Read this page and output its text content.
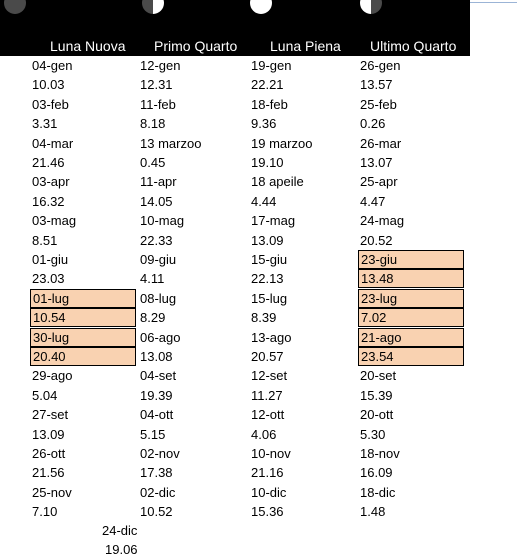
Luna Nuova Primo Quarto Luna Piena Ultimo Quarto
04-gen
10.03
03-feb
3.31
04-mar
21.46
03-apr
16.32
03-mag
8.51
01-giu
23.03
01-lug
10.54
30-lug
20.40
29-ago
5.04
27-set
13.09
26-ott
21.56
25-nov
7.10
12-gen
12.31
11-feb
8.18
13 marzoo
0.45
11-apr
14.05
10-mag
22.33
09-giu
4.11
08-lug
8.29
06-ago
13.08
04-set
19.39
04-ott
5.15
02-nov
17.38
02-dic
10.52
19-gen
22.21
18-feb
9.36
19 marzoo
19.10
18 apeile
4.44
17-mag
13.09
15-giu
22.13
15-lug
8.39
13-ago
20.57
12-set
11.27
12-ott
4.06
10-nov
21.16
10-dic
15.36
26-gen
13.57
25-feb
0.26
26-mar
13.07
25-apr
4.47
24-mag
20.52
23-giu
13.48
23-lug
7.02
21-ago
23.54
20-set
15.39
20-ott
5.30
18-nov
16.09
18-dic
1.48
24-dic
19.06
